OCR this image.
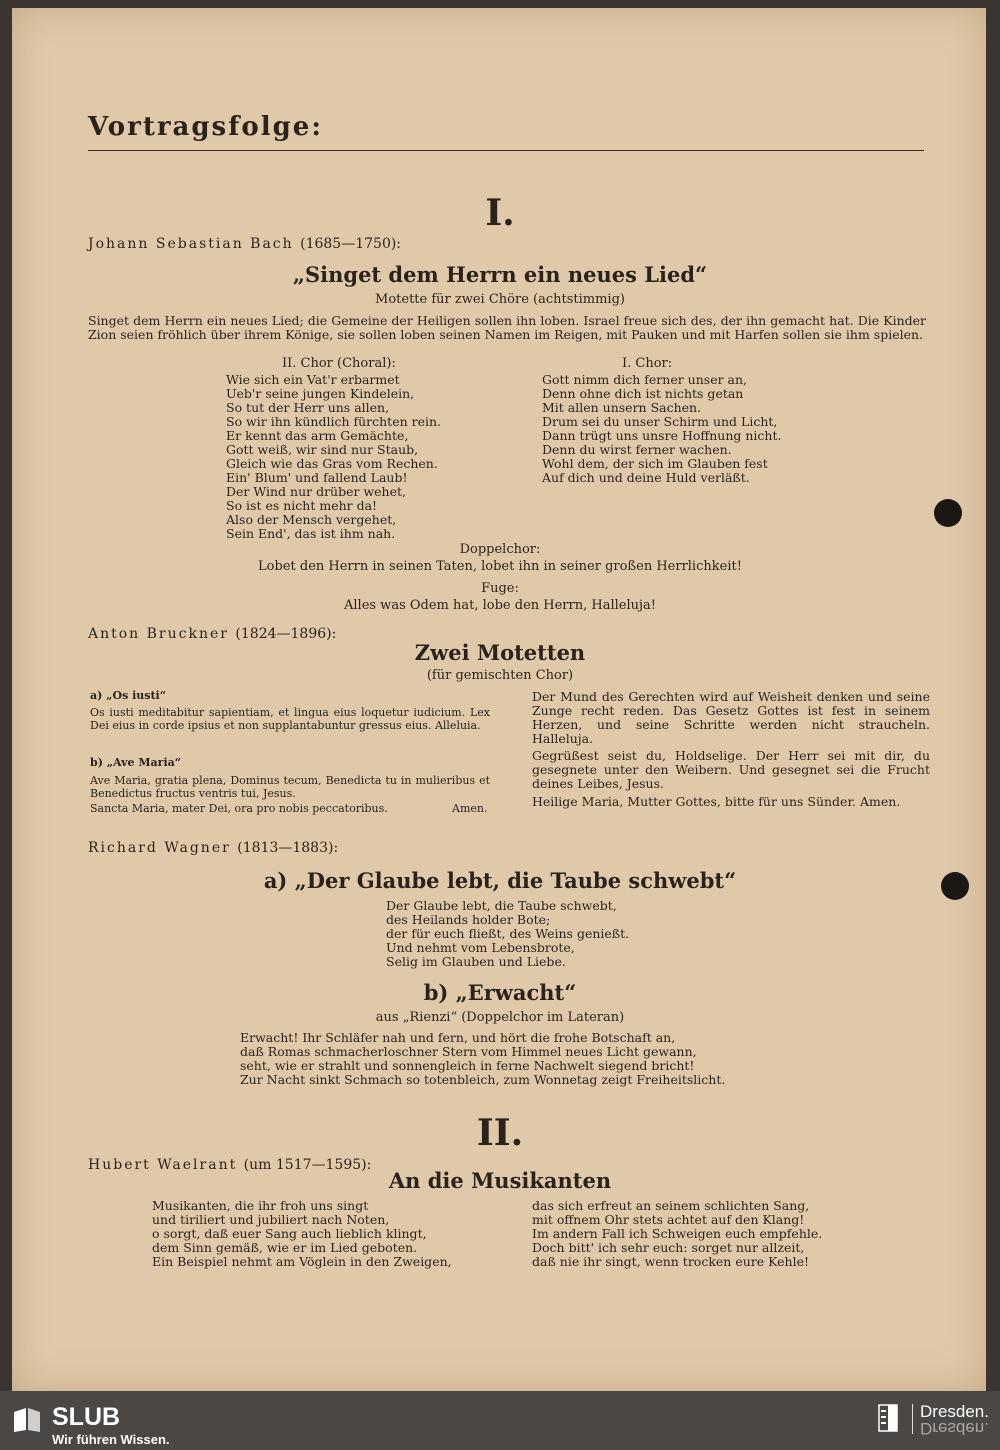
Vortragsfolge:
I.
Johann Sebastian Bach (1685—1750):
„Singet dem Herrn ein neues Lied“
Motette für zwei Chöre (achtstimmig)
Singet dem Herrn ein neues Lied; die Gemeine der Heiligen sollen ihn loben. Israel freue sich des, der ihn gemacht hat. Die Kinder Zion seien fröhlich über ihrem Könige, sie sollen loben seinen Namen im Reigen, mit Pauken und mit Harfen sollen sie ihm spielen.
II. Chor (Choral):
Wie sich ein Vat'r erbarmet
Ueb'r seine jungen Kindelein,
So tut der Herr uns allen,
So wir ihn kündlich fürchten rein.
Er kennt das arm Gemächte,
Gott weiß, wir sind nur Staub,
Gleich wie das Gras vom Rechen.
Ein' Blum' und fallend Laub!
Der Wind nur drüber wehet,
So ist es nicht mehr da!
Also der Mensch vergehet,
Sein End', das ist ihm nah.
I. Chor:
Gott nimm dich ferner unser an,
Denn ohne dich ist nichts getan
Mit allen unsern Sachen.
Drum sei du unser Schirm und Licht,
Dann trügt uns unsre Hoffnung nicht.
Denn du wirst ferner wachen.
Wohl dem, der sich im Glauben fest
Auf dich und deine Huld verläßt.
Doppelchor:
Lobet den Herrn in seinen Taten, lobet ihn in seiner großen Herrlichkeit!
Fuge:
Alles was Odem hat, lobe den Herrn, Halleluja!
Anton Bruckner (1824—1896):
Zwei Motetten
(für gemischten Chor)
a) „Os iusti“
Os iusti meditabitur sapientiam, et lingua eius loquetur iudicium. Lex Dei eius in corde ipsius et non supplantabuntur gressus eius. Alleluia.
b) „Ave Maria“
Ave Maria, gratia plena, Dominus tecum, Benedicta tu in mulieribus et Benedictus fructus ventris tui, Jesus.
Sancta Maria, mater Dei, ora pro nobis peccatoribus.	Amen.
Der Mund des Gerechten wird auf Weisheit denken und seine Zunge recht reden. Das Gesetz Gottes ist fest in seinem Herzen, und seine Schritte werden nicht straucheln. Halleluja.
Gegrüßest seist du, Holdselige. Der Herr sei mit dir, du gesegnete unter den Weibern. Und gesegnet sei die Frucht deines Leibes, Jesus.
Heilige Maria, Mutter Gottes, bitte für uns Sünder. Amen.
Richard Wagner (1813—1883):
a) „Der Glaube lebt, die Taube schwebt“
Der Glaube lebt, die Taube schwebt,
des Heilands holder Bote;
der für euch fließt, des Weins genießt.
Und nehmt vom Lebensbrote,
Selig im Glauben und Liebe.
b) „Erwacht“
aus „Rienzi“ (Doppelchor im Lateran)
Erwacht! Ihr Schläfer nah und fern, und hört die frohe Botschaft an,
daß Romas schmacherloschner Stern vom Himmel neues Licht gewann,
seht, wie er strahlt und sonnengleich in ferne Nachwelt siegend bricht!
Zur Nacht sinkt Schmach so totenbleich, zum Wonnetag zeigt Freiheitslicht.
II.
Hubert Waelrant (um 1517—1595):
An die Musikanten
Musikanten, die ihr froh uns singt
und tiriliert und jubiliert nach Noten,
o sorgt, daß euer Sang auch lieblich klingt,
dem Sinn gemäß, wie er im Lied geboten.
Ein Beispiel nehmt am Vöglein in den Zweigen,
das sich erfreut an seinem schlichten Sang,
mit offnem Ohr stets achtet auf den Klang!
Im andern Fall ich Schweigen euch empfehle.
Doch bitt' ich sehr euch: sorget nur allzeit,
daß nie ihr singt, wenn trocken eure Kehle!
SLUB
Wir führen Wissen.
Dresden.
Dresden.
